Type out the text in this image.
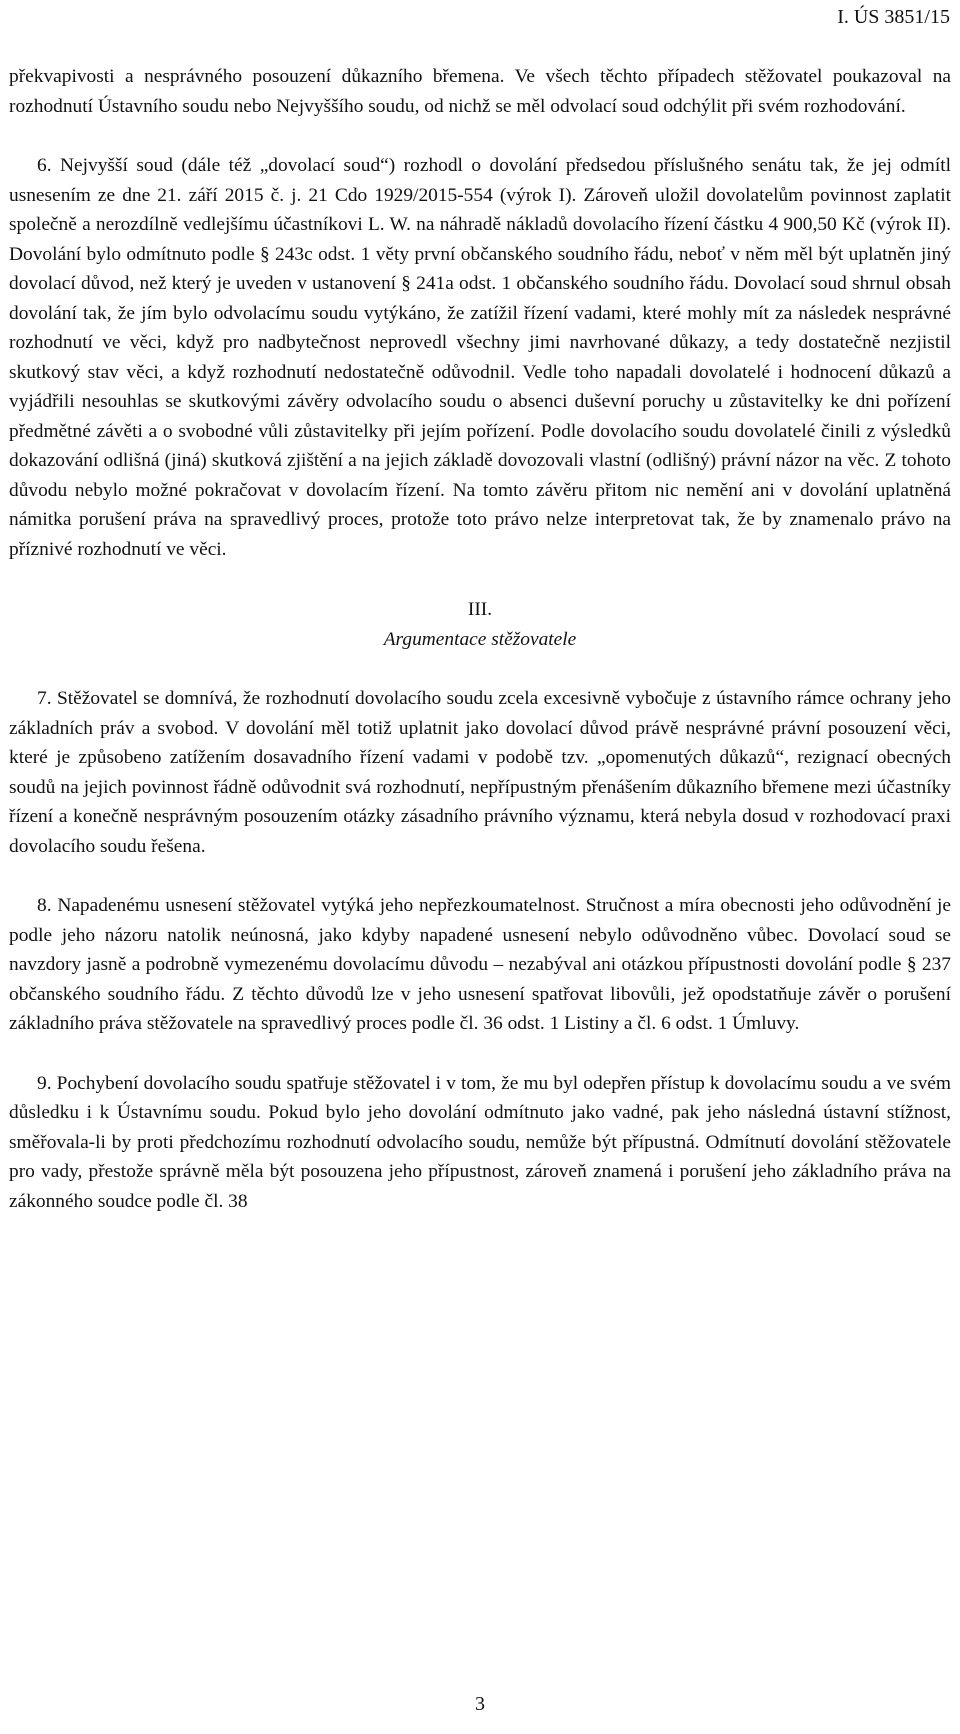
I. ÚS 3851/15

překvapivosti a nesprávného posouzení důkazního břemena. Ve všech těchto případech stěžovatel poukazoval na rozhodnutí Ústavního soudu nebo Nejvyššího soudu, od nichž se měl odvolací soud odchýlit při svém rozhodování.

6. Nejvyšší soud (dále též „dovolací soud“) rozhodl o dovolání předsedou příslušného senátu tak, že jej odmítl usnesením ze dne 21. září 2015 č. j. 21 Cdo 1929/2015-554 (výrok I). Zároveň uložil dovolatelům povinnost zaplatit společně a nerozdílně vedlejšímu účastníkovi L. W. na náhradě nákladů dovolacího řízení částku 4 900,50 Kč (výrok II). Dovolání bylo odmítnuto podle § 243c odst. 1 věty první občanského soudního řádu, neboť v něm měl být uplatněn jiný dovolací důvod, než který je uveden v ustanovení § 241a odst. 1 občanského soudního řádu. Dovolací soud shrnul obsah dovolání tak, že jím bylo odvolacímu soudu vytýkáno, že zatížil řízení vadami, které mohly mít za následek nesprávné rozhodnutí ve věci, když pro nadbytečnost neprovedl všechny jimi navrhované důkazy, a tedy dostatečně nezjistil skutkový stav věci, a když rozhodnutí nedostatečně odůvodnil. Vedle toho napadali dovolatelé i hodnocení důkazů a vyjádřili nesouhlas se skutkovými závěry odvolacího soudu o absenci duševní poruchy u zůstavitelky ke dni pořízení předmětné závěti a o svobodné vůli zůstavitelky při jejím pořízení. Podle dovolacího soudu dovolatelé činili z výsledků dokazování odlišná (jiná) skutková zjištění a na jejich základě dovozovali vlastní (odlišný) právní názor na věc. Z tohoto důvodu nebylo možné pokračovat v dovolacím řízení. Na tomto závěru přitom nic nemění ani v dovolání uplatněná námitka porušení práva na spravedlivý proces, protože toto právo nelze interpretovat tak, že by znamenalo právo na příznivé rozhodnutí ve věci.

III.
Argumentace stěžovatele

7. Stěžovatel se domnívá, že rozhodnutí dovolacího soudu zcela excesivně vybočuje z ústavního rámce ochrany jeho základních práv a svobod. V dovolání měl totiž uplatnit jako dovolací důvod právě nesprávné právní posouzení věci, které je způsobeno zatížením dosavadního řízení vadami v podobě tzv. „opomenutých důkazů“, rezignací obecných soudů na jejich povinnost řádně odůvodnit svá rozhodnutí, nepřípustným přenášením důkazního břemene mezi účastníky řízení a konečně nesprávným posouzením otázky zásadního právního významu, která nebyla dosud v rozhodovací praxi dovolacího soudu řešena.

8. Napadenému usnesení stěžovatel vytýká jeho nepřezkoumatelnost. Stručnost a míra obecnosti jeho odůvodnění je podle jeho názoru natolik neúnosná, jako kdyby napadené usnesení nebylo odůvodněno vůbec. Dovolací soud se navzdory jasně a podrobně vymezenému dovolacímu důvodu – nezabýval ani otázkou přípustnosti dovolání podle § 237 občanského soudního řádu. Z těchto důvodů lze v jeho usnesení spatřovat libovůli, jež opodstatňuje závěr o porušení základního práva stěžovatele na spravedlivý proces podle čl. 36 odst. 1 Listiny a čl. 6 odst. 1 Úmluvy.

9. Pochybení dovolacího soudu spatřuje stěžovatel i v tom, že mu byl odepřen přístup k dovolacímu soudu a ve svém důsledku i k Ústavnímu soudu. Pokud bylo jeho dovolání odmítnuto jako vadné, pak jeho následná ústavní stížnost, směřovala-li by proti předchozímu rozhodnutí odvolacího soudu, nemůže být přípustná. Odmítnutí dovolání stěžovatele pro vady, přestože správně měla být posouzena jeho přípustnost, zároveň znamená i porušení jeho základního práva na zákonného soudce podle čl. 38

3
